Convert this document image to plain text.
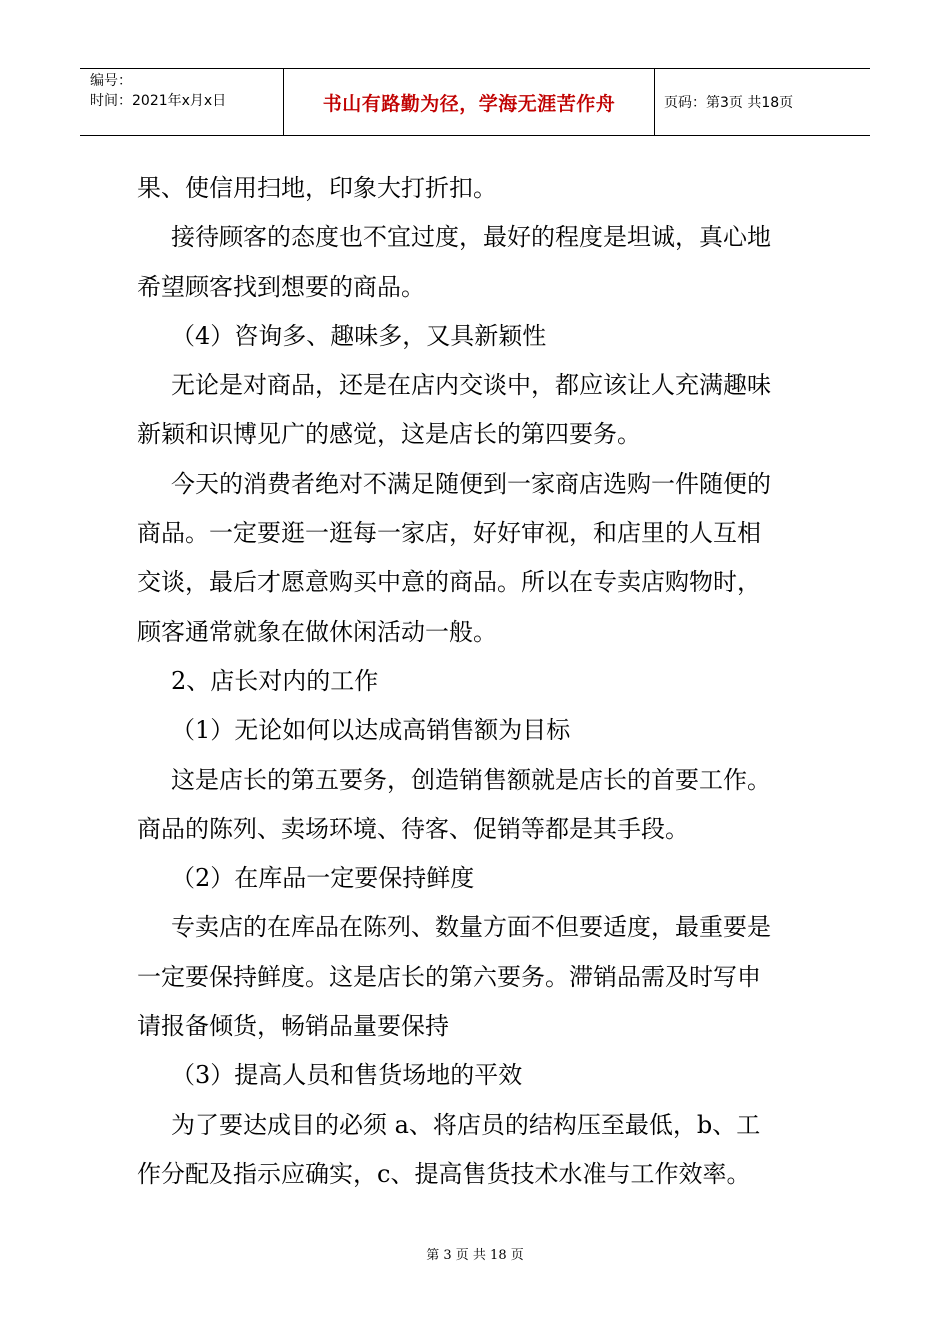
编号：
时间：2021年x月x日	书山有路勤为径，学海无涯苦作舟	页码：第3页 共18页

果、使信用扫地，印象大打折扣。

接待顾客的态度也不宜过度，最好的程度是坦诚，真心地

希望顾客找到想要的商品。

（4）咨询多、趣味多，又具新颖性

无论是对商品，还是在店内交谈中，都应该让人充满趣味

新颖和识博见广的感觉，这是店长的第四要务。

今天的消费者绝对不满足随便到一家商店选购一件随便的

商品。一定要逛一逛每一家店，好好审视，和店里的人互相

交谈，最后才愿意购买中意的商品。所以在专卖店购物时，

顾客通常就象在做休闲活动一般。

2、店长对内的工作

（1）无论如何以达成高销售额为目标

这是店长的第五要务，创造销售额就是店长的首要工作。

商品的陈列、卖场环境、待客、促销等都是其手段。

（2）在库品一定要保持鲜度

专卖店的在库品在陈列、数量方面不但要适度，最重要是

一定要保持鲜度。这是店长的第六要务。滞销品需及时写申

请报备倾货，畅销品量要保持

（3）提高人员和售货场地的平效

为了要达成目的必须 a、将店员的结构压至最低，b、工

作分配及指示应确实，c、提高售货技术水准与工作效率。

第 3 页 共 18 页
